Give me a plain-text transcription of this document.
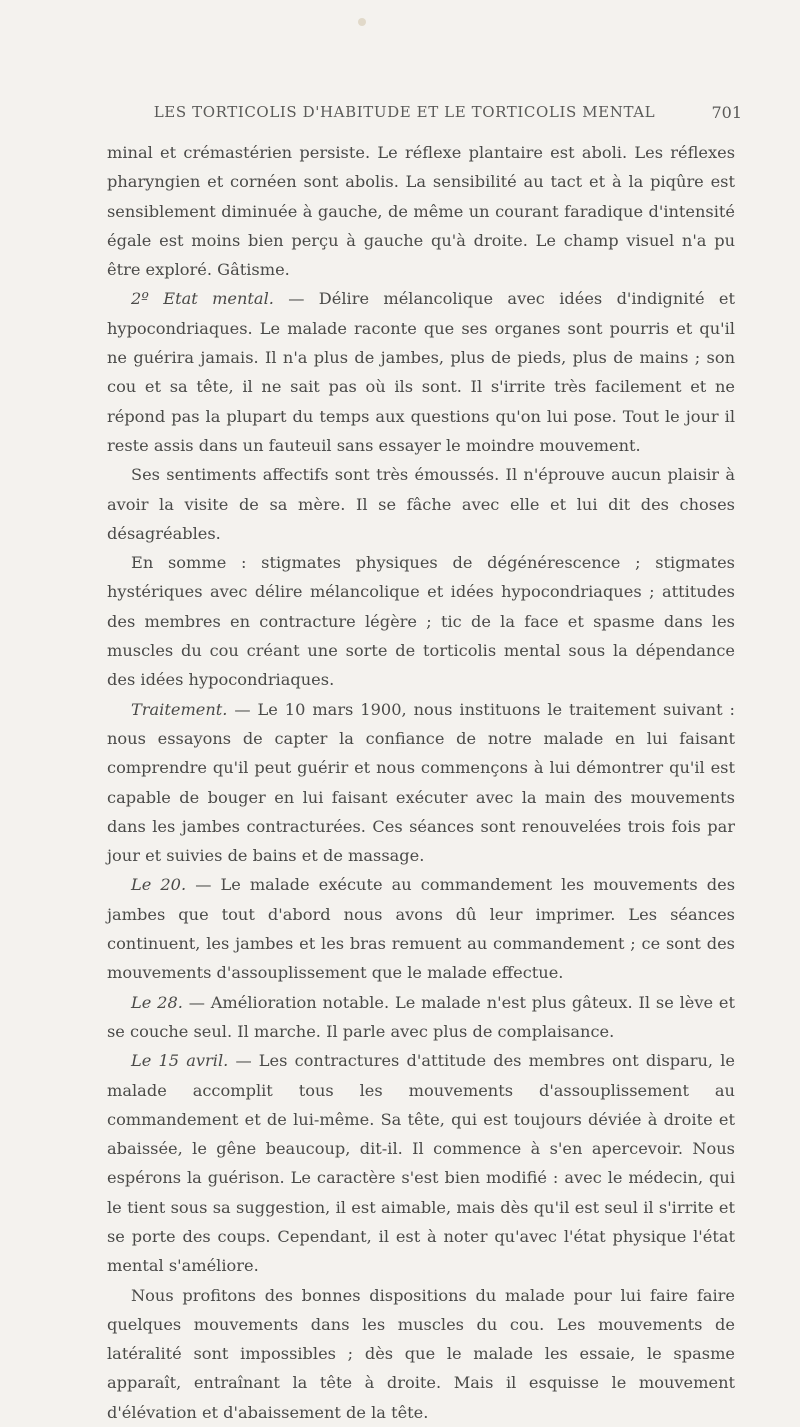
LES TORTICOLIS D'HABITUDE ET LE TORTICOLIS MENTAL	701

minal et crémastérien persiste. Le réflexe plantaire est aboli. Les réflexes pharyngien et cornéen sont abolis. La sensibilité au tact et à la piqûre est sensiblement diminuée à gauche, de même un courant faradique d'intensité égale est moins bien perçu à gauche qu'à droite. Le champ visuel n'a pu être exploré. Gâtisme.

2º Etat mental. — Délire mélancolique avec idées d'indignité et hypocondriaques. Le malade raconte que ses organes sont pourris et qu'il ne guérira jamais. Il n'a plus de jambes, plus de pieds, plus de mains ; son cou et sa tête, il ne sait pas où ils sont. Il s'irrite très facilement et ne répond pas la plupart du temps aux questions qu'on lui pose. Tout le jour il reste assis dans un fauteuil sans essayer le moindre mouvement.

Ses sentiments affectifs sont très émoussés. Il n'éprouve aucun plaisir à avoir la visite de sa mère. Il se fâche avec elle et lui dit des choses désagréables.

En somme : stigmates physiques de dégénérescence ; stigmates hystériques avec délire mélancolique et idées hypocondriaques ; attitudes des membres en contracture légère ; tic de la face et spasme dans les muscles du cou créant une sorte de torticolis mental sous la dépendance des idées hypocondriaques.

Traitement. — Le 10 mars 1900, nous instituons le traitement suivant : nous essayons de capter la confiance de notre malade en lui faisant comprendre qu'il peut guérir et nous commençons à lui démontrer qu'il est capable de bouger en lui faisant exécuter avec la main des mouvements dans les jambes contracturées. Ces séances sont renouvelées trois fois par jour et suivies de bains et de massage.

Le 20. — Le malade exécute au commandement les mouvements des jambes que tout d'abord nous avons dû leur imprimer. Les séances continuent, les jambes et les bras remuent au commandement ; ce sont des mouvements d'assouplissement que le malade effectue.

Le 28. — Amélioration notable. Le malade n'est plus gâteux. Il se lève et se couche seul. Il marche. Il parle avec plus de complaisance.

Le 15 avril. — Les contractures d'attitude des membres ont disparu, le malade accomplit tous les mouvements d'assouplissement au commandement et de lui-même. Sa tête, qui est toujours déviée à droite et abaissée, le gêne beaucoup, dit-il. Il commence à s'en apercevoir. Nous espérons la guérison. Le caractère s'est bien modifié : avec le médecin, qui le tient sous sa suggestion, il est aimable, mais dès qu'il est seul il s'irrite et se porte des coups. Cependant, il est à noter qu'avec l'état physique l'état mental s'améliore.

Nous profitons des bonnes dispositions du malade pour lui faire faire quelques mouvements dans les muscles du cou. Les mouvements de latéralité sont impossibles ; dès que le malade les essaie, le spasme apparaît, entraînant la tête à droite. Mais il esquisse le mouvement d'élévation et d'abaissement de la tête.
